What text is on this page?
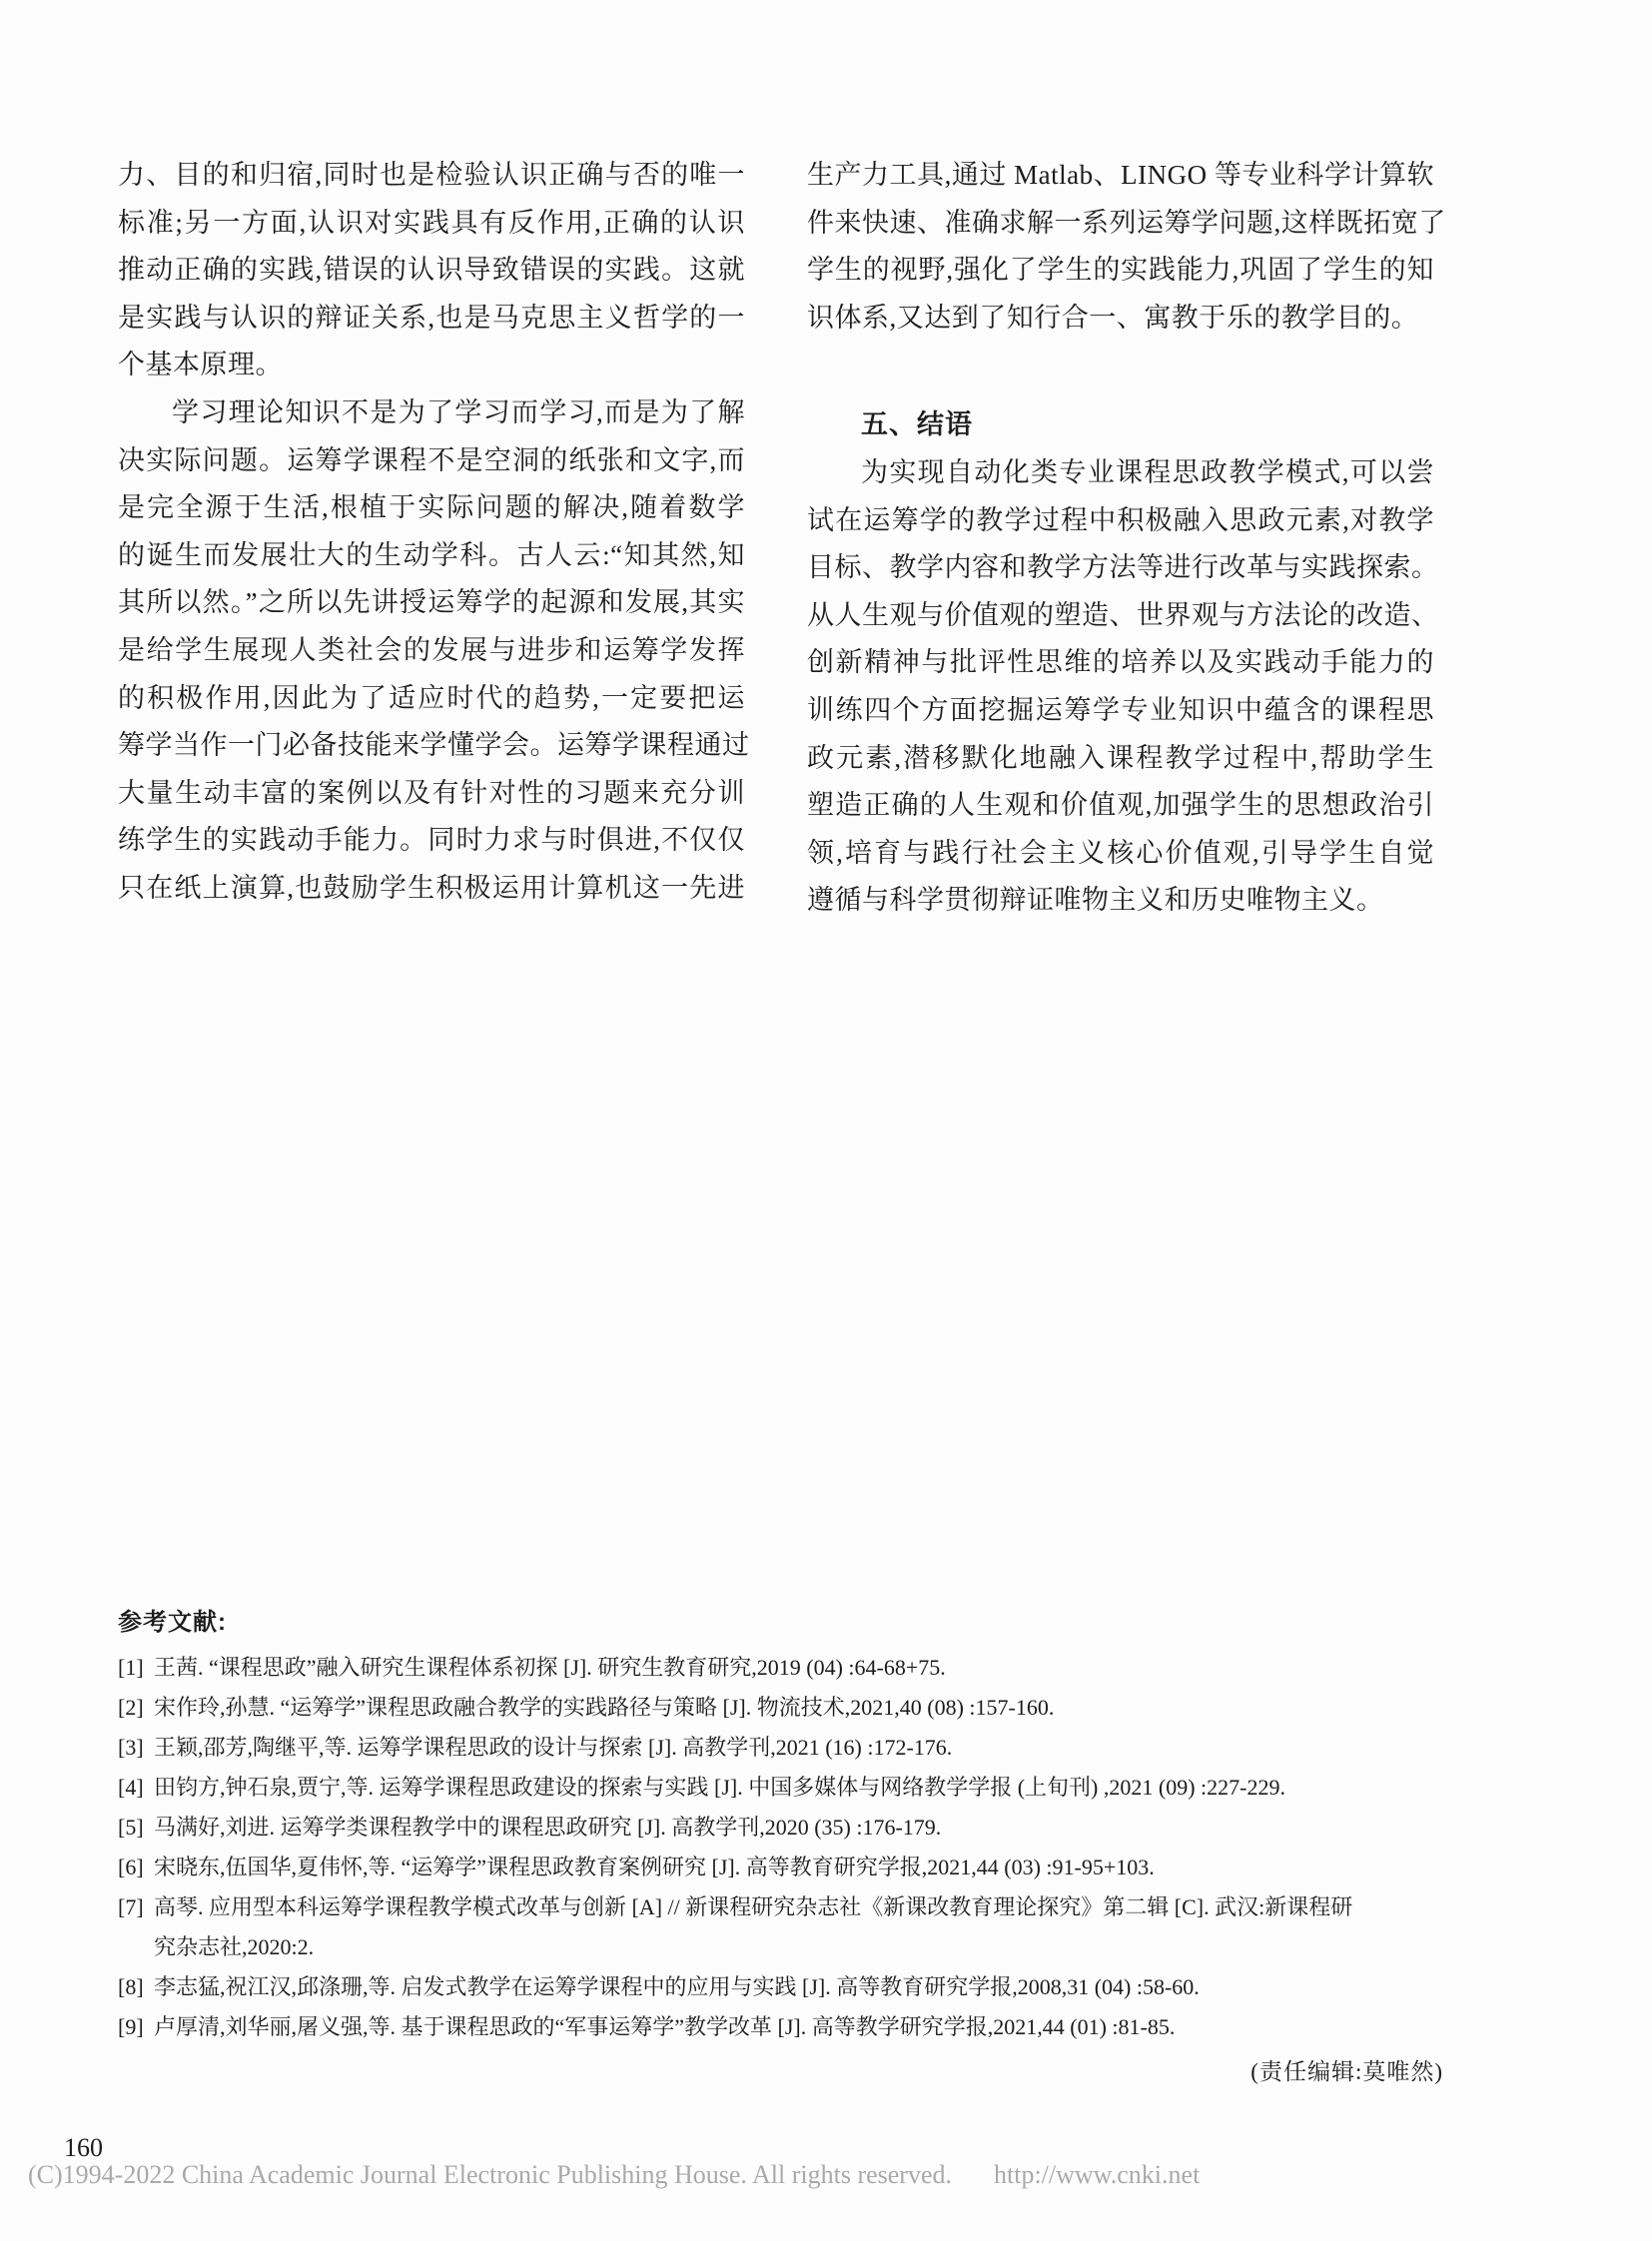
力、目的和归宿,同时也是检验认识正确与否的唯一
标准;另一方面,认识对实践具有反作用,正确的认识
推动正确的实践,错误的认识导致错误的实践。这就
是实践与认识的辩证关系,也是马克思主义哲学的一
个基本原理。
学习理论知识不是为了学习而学习,而是为了解
决实际问题。运筹学课程不是空洞的纸张和文字,而
是完全源于生活,根植于实际问题的解决,随着数学
的诞生而发展壮大的生动学科。古人云:“知其然,知
其所以然。”之所以先讲授运筹学的起源和发展,其实
是给学生展现人类社会的发展与进步和运筹学发挥
的积极作用,因此为了适应时代的趋势,一定要把运
筹学当作一门必备技能来学懂学会。运筹学课程通过
大量生动丰富的案例以及有针对性的习题来充分训
练学生的实践动手能力。同时力求与时俱进,不仅仅
只在纸上演算,也鼓励学生积极运用计算机这一先进
生产力工具,通过 Matlab、LINGO 等专业科学计算软
件来快速、准确求解一系列运筹学问题,这样既拓宽了
学生的视野,强化了学生的实践能力,巩固了学生的知
识体系,又达到了知行合一、寓教于乐的教学目的。
五、结语
为实现自动化类专业课程思政教学模式,可以尝
试在运筹学的教学过程中积极融入思政元素,对教学
目标、教学内容和教学方法等进行改革与实践探索。
从人生观与价值观的塑造、世界观与方法论的改造、
创新精神与批评性思维的培养以及实践动手能力的
训练四个方面挖掘运筹学专业知识中蕴含的课程思
政元素,潜移默化地融入课程教学过程中,帮助学生
塑造正确的人生观和价值观,加强学生的思想政治引
领,培育与践行社会主义核心价值观,引导学生自觉
遵循与科学贯彻辩证唯物主义和历史唯物主义。
参考文献:
[1] 王茜. “课程思政”融入研究生课程体系初探 [J]. 研究生教育研究,2019 (04) :64-68+75.
[2] 宋作玲,孙慧. “运筹学”课程思政融合教学的实践路径与策略 [J]. 物流技术,2021,40 (08) :157-160.
[3] 王颖,邵芳,陶继平,等. 运筹学课程思政的设计与探索 [J]. 高教学刊,2021 (16) :172-176.
[4] 田钧方,钟石泉,贾宁,等. 运筹学课程思政建设的探索与实践 [J]. 中国多媒体与网络教学学报 (上旬刊) ,2021 (09) :227-229.
[5] 马满好,刘进. 运筹学类课程教学中的课程思政研究 [J]. 高教学刊,2020 (35) :176-179.
[6] 宋晓东,伍国华,夏伟怀,等. “运筹学”课程思政教育案例研究 [J]. 高等教育研究学报,2021,44 (03) :91-95+103.
[7] 高琴. 应用型本科运筹学课程教学模式改革与创新 [A] // 新课程研究杂志社《新课改教育理论探究》第二辑 [C]. 武汉:新课程研
究杂志社,2020:2.
[8] 李志猛,祝江汉,邱涤珊,等. 启发式教学在运筹学课程中的应用与实践 [J]. 高等教育研究学报,2008,31 (04) :58-60.
[9] 卢厚清,刘华丽,屠义强,等. 基于课程思政的“军事运筹学”教学改革 [J]. 高等教学研究学报,2021,44 (01) :81-85.
(责任编辑:莫唯然)
160
(C)1994-2022 China Academic Journal Electronic Publishing House. All rights reserved. http://www.cnki.net
